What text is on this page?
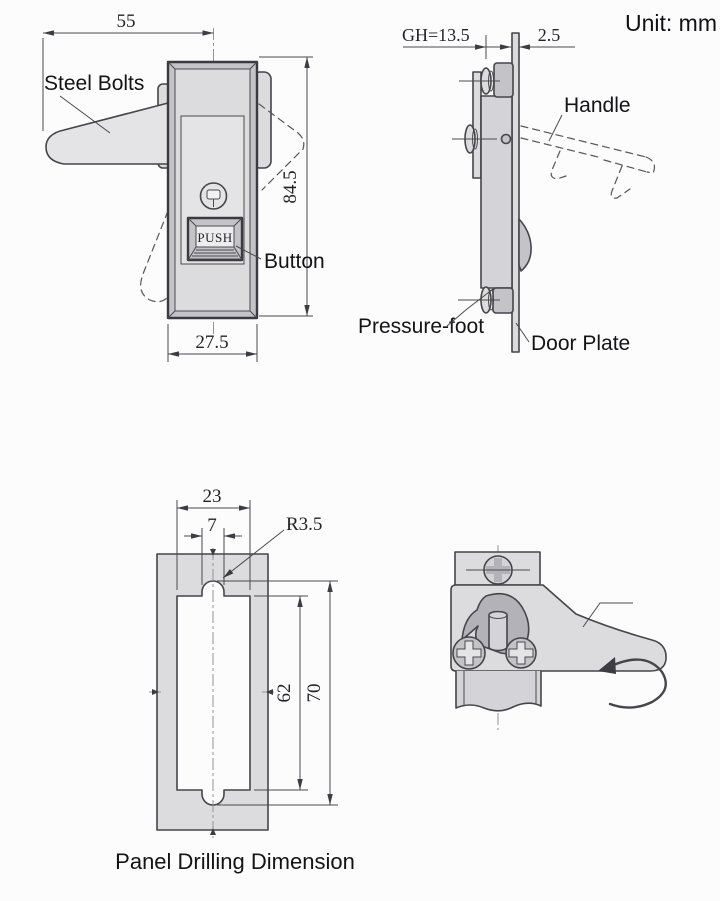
PUSH
55
84.5
27.5
Steel Bolts
Button
GH=13.5	2.5
Handle
Pressure-foot
Door Plate
Unit: mm
23
7	R3.5
62 70
Panel Drilling Dimension
